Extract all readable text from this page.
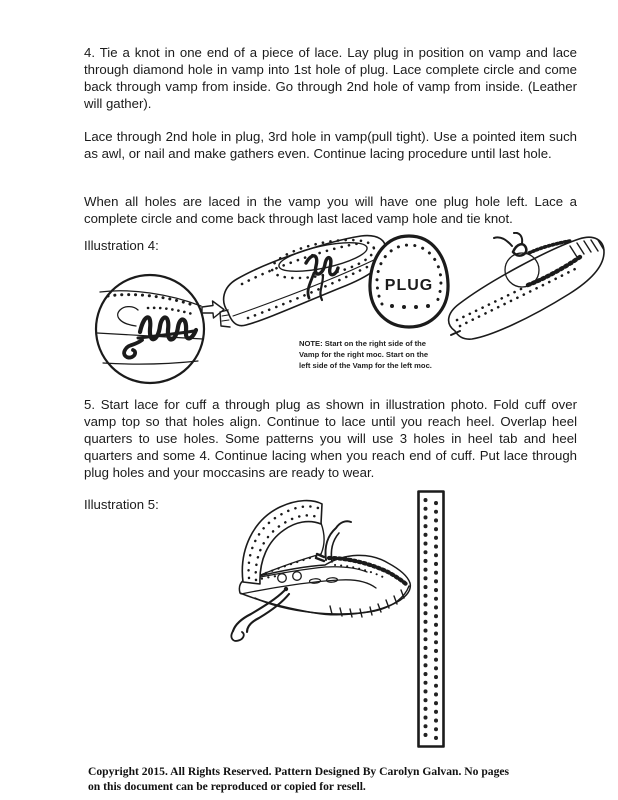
4. Tie a knot in one end of a piece of lace. Lay plug in position on vamp and lace through diamond hole in vamp into 1st hole of plug. Lace complete circle and come back through vamp from inside. Go through 2nd hole of vamp from inside. (Leather will gather).

Lace through 2nd hole in plug, 3rd hole in vamp(pull tight). Use a pointed item such as awl, or nail and make gathers even. Continue lacing procedure until last hole.

When all holes are laced in the vamp you will have one plug hole left. Lace a complete circle and come back through last laced vamp hole and tie knot.

Illustration 4:

PLUG
NOTE: Start on the right side of the
Vamp for the right moc. Start on the
left side of the Vamp for the left moc.

5. Start lace for cuff a through plug as shown in illustration photo. Fold cuff over vamp top so that holes align. Continue to lace until you reach heel. Overlap heel quarters to use holes. Some patterns you will use 3 holes in heel tab and heel quarters and some 4. Continue lacing when you reach end of cuff. Put lace through plug holes and your moccasins are ready to wear.

Illustration 5:

Copyright 2015. All Rights Reserved. Pattern Designed By Carolyn Galvan. No pages
on this document can be reproduced or copied for resell.
